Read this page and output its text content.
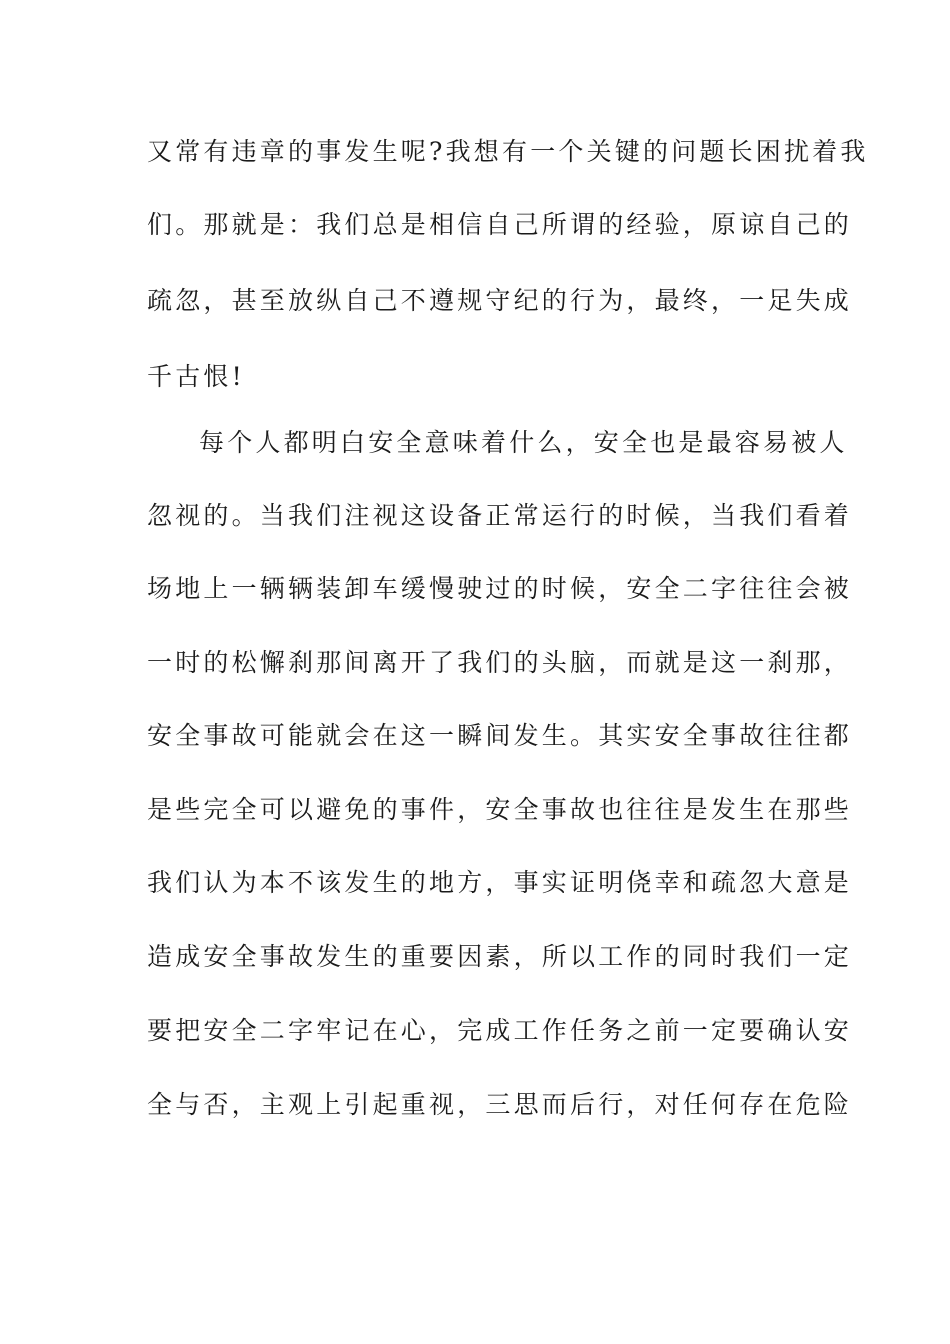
又常有违章的事发生呢?我想有一个关键的问题长困扰着我
们。那就是：我们总是相信自己所谓的经验，原谅自己的
疏忽，甚至放纵自己不遵规守纪的行为，最终，一足失成
千古恨!
每个人都明白安全意味着什么，安全也是最容易被人
忽视的。当我们注视这设备正常运行的时候，当我们看着
场地上一辆辆装卸车缓慢驶过的时候，安全二字往往会被
一时的松懈刹那间离开了我们的头脑，而就是这一刹那，
安全事故可能就会在这一瞬间发生。其实安全事故往往都
是些完全可以避免的事件，安全事故也往往是发生在那些
我们认为本不该发生的地方，事实证明侥幸和疏忽大意是
造成安全事故发生的重要因素，所以工作的同时我们一定
要把安全二字牢记在心，完成工作任务之前一定要确认安
全与否，主观上引起重视，三思而后行，对任何存在危险
